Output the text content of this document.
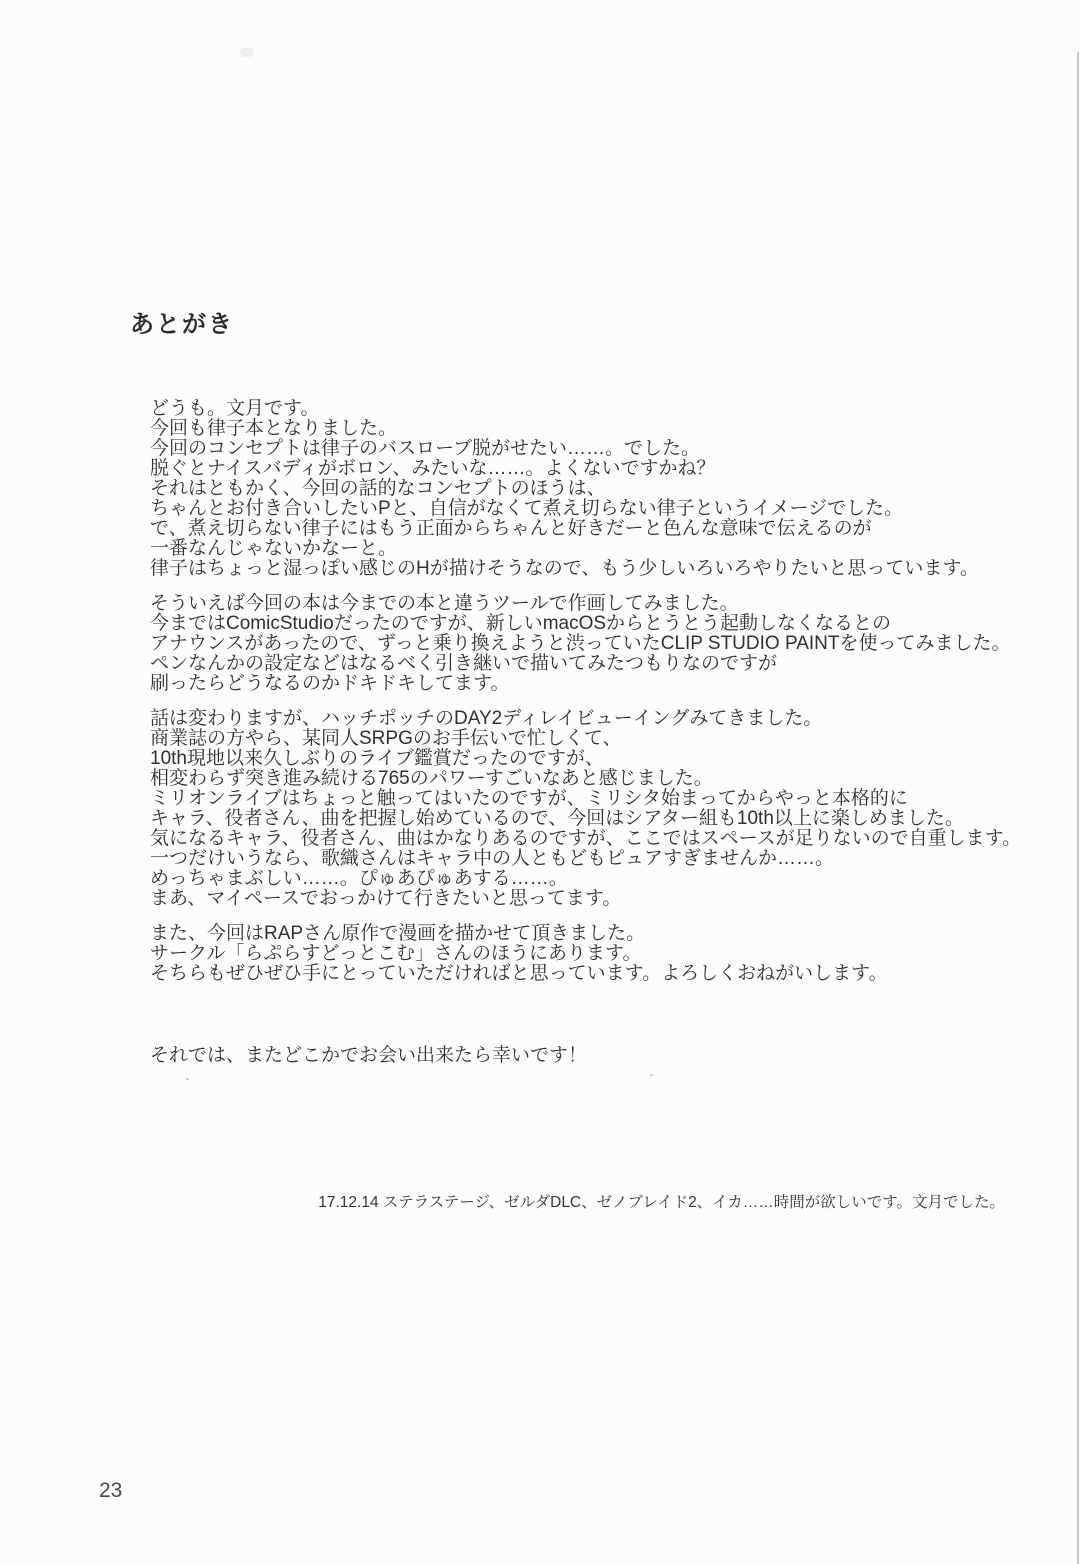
あとがき
どうも。文月です。
今回も律子本となりました。
今回のコンセプトは律子のバスローブ脱がせたい……。でした。
脱ぐとナイスバディがボロン、みたいな……。よくないですかね？
それはともかく、今回の話的なコンセプトのほうは、
ちゃんとお付き合いしたいPと、自信がなくて煮え切らない律子というイメージでした。
で、煮え切らない律子にはもう正面からちゃんと好きだーと色んな意味で伝えるのが
一番なんじゃないかなーと。
律子はちょっと湿っぽい感じのHが描けそうなので、もう少しいろいろやりたいと思っています。
そういえば今回の本は今までの本と違うツールで作画してみました。
今まではComicStudioだったのですが、新しいmacOSからとうとう起動しなくなるとの
アナウンスがあったので、ずっと乗り換えようと渋っていたCLIP STUDIO PAINTを使ってみました。
ペンなんかの設定などはなるべく引き継いで描いてみたつもりなのですが
刷ったらどうなるのかドキドキしてます。
話は変わりますが、ハッチポッチのDAY2ディレイビューイングみてきました。
商業誌の方やら、某同人SRPGのお手伝いで忙しくて、
10th現地以来久しぶりのライブ鑑賞だったのですが、
相変わらず突き進み続ける765のパワーすごいなあと感じました。
ミリオンライブはちょっと触ってはいたのですが、ミリシタ始まってからやっと本格的に
キャラ、役者さん、曲を把握し始めているので、今回はシアター組も10th以上に楽しめました。
気になるキャラ、役者さん、曲はかなりあるのですが、ここではスペースが足りないので自重します。
一つだけいうなら、歌織さんはキャラ中の人ともどもピュアすぎませんか……。
めっちゃまぶしい……。ぴゅあぴゅあする……。
まあ、マイペースでおっかけて行きたいと思ってます。
また、今回はRAPさん原作で漫画を描かせて頂きました。
サークル「らぷらすどっとこむ」さんのほうにあります。
そちらもぜひぜひ手にとっていただければと思っています。よろしくおねがいします。
それでは、またどこかでお会い出来たら幸いです！
17.12.14 ステラステージ、ゼルダDLC、ゼノブレイド2、イカ……時間が欲しいです。文月でした。
23
